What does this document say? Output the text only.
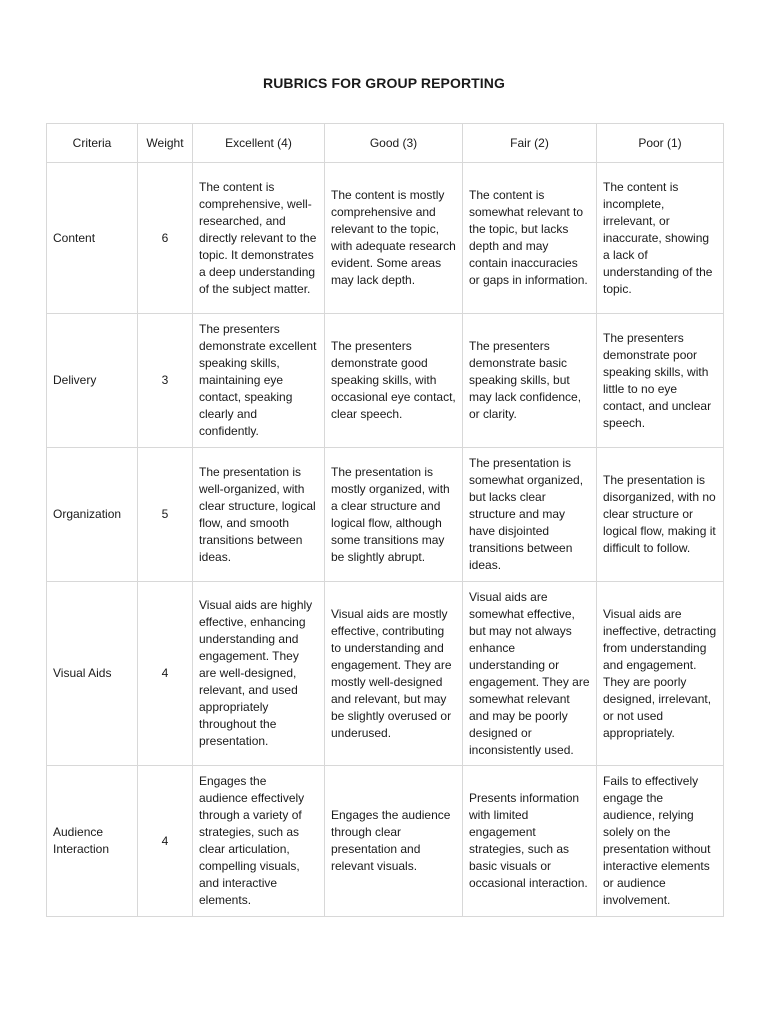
RUBRICS FOR GROUP REPORTING
Criteria	Weight	Excellent (4)	Good (3)	Fair (2)	Poor (1)
Content	6	The content is comprehensive, well-researched, and directly relevant to the topic. It demonstrates a deep understanding of the subject matter.	The content is mostly comprehensive and relevant to the topic, with adequate research evident. Some areas may lack depth.	The content is somewhat relevant to the topic, but lacks depth and may contain inaccuracies or gaps in information.	The content is incomplete, irrelevant, or inaccurate, showing a lack of understanding of the topic.
Delivery	3	The presenters demonstrate excellent speaking skills, maintaining eye contact, speaking clearly and confidently.	The presenters demonstrate good speaking skills, with occasional eye contact, clear speech.	The presenters demonstrate basic speaking skills, but may lack confidence, or clarity.	The presenters demonstrate poor speaking skills, with little to no eye contact, and unclear speech.
Organization	5	The presentation is well-organized, with clear structure, logical flow, and smooth transitions between ideas.	The presentation is mostly organized, with a clear structure and logical flow, although some transitions may be slightly abrupt.	The presentation is somewhat organized, but lacks clear structure and may have disjointed transitions between ideas.	The presentation is disorganized, with no clear structure or logical flow, making it difficult to follow.
Visual Aids	4	Visual aids are highly effective, enhancing understanding and engagement. They are well-designed, relevant, and used appropriately throughout the presentation.	Visual aids are mostly effective, contributing to understanding and engagement. They are mostly well-designed and relevant, but may be slightly overused or underused.	Visual aids are somewhat effective, but may not always enhance understanding or engagement. They are somewhat relevant and may be poorly designed or inconsistently used.	Visual aids are ineffective, detracting from understanding and engagement. They are poorly designed, irrelevant, or not used appropriately.
Audience Interaction	4	Engages the audience effectively through a variety of strategies, such as clear articulation, compelling visuals, and interactive elements.	Engages the audience through clear presentation and relevant visuals.	Presents information with limited engagement strategies, such as basic visuals or occasional interaction.	Fails to effectively engage the audience, relying solely on the presentation without interactive elements or audience involvement.
